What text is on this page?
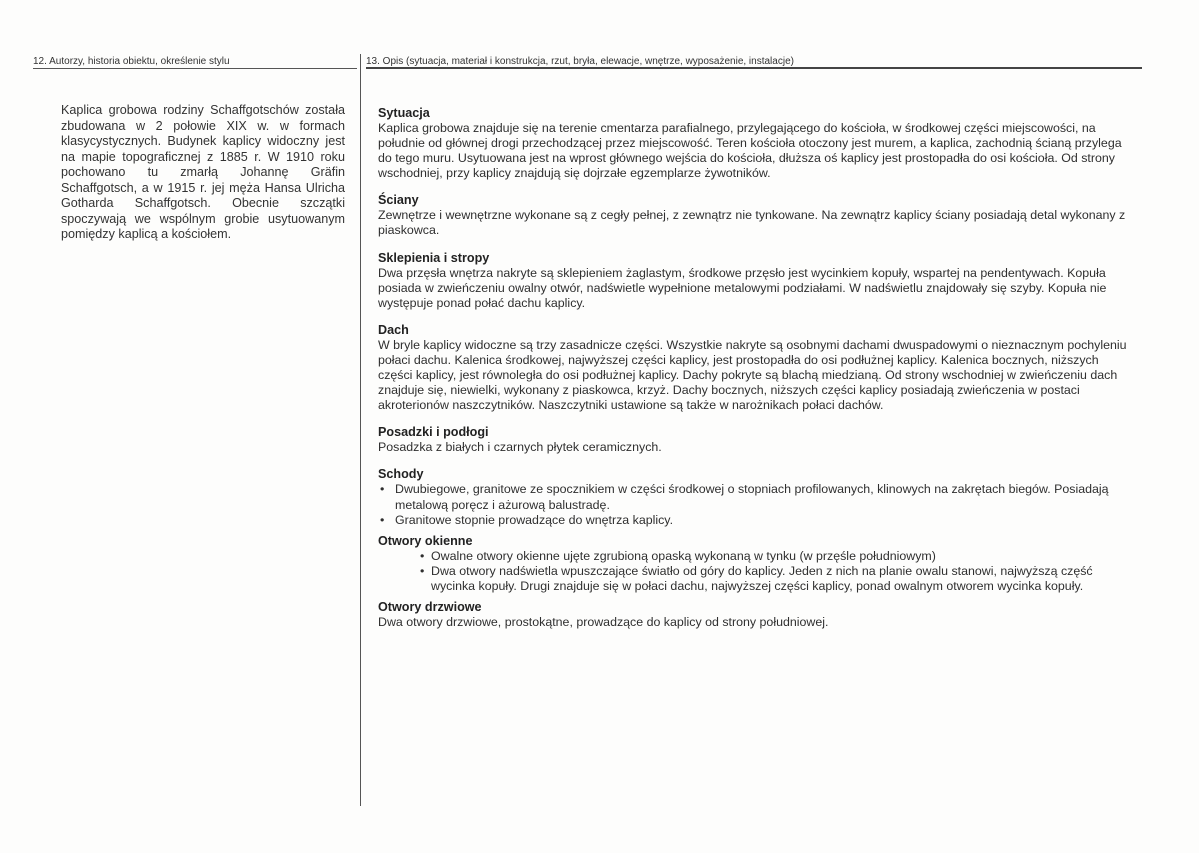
12. Autorzy, historia obiektu, określenie stylu	13. Opis (sytuacja, materiał i konstrukcja, rzut, bryła, elewacje, wnętrze, wyposażenie, instalacje)
Kaplica grobowa rodziny Schaffgotschów została zbudowana w 2 połowie XIX w. w formach klasycystycznych. Budynek kaplicy widoczny jest na mapie topograficznej z 1885 r. W 1910 roku pochowano tu zmarłą Johannę Gräfin Schaffgotsch, a w 1915 r. jej męża Hansa Ulricha Gotharda Schaffgotsch. Obecnie szczątki spoczywają we wspólnym grobie usytuowanym pomiędzy kaplicą a kościołem.
Sytuacja

Kaplica grobowa znajduje się na terenie cmentarza parafialnego, przylegającego do kościoła, w środkowej części miejscowości, na południe od głównej drogi przechodzącej przez miejscowość. Teren kościoła otoczony jest murem, a kaplica, zachodnią ścianą przylega do tego muru. Usytuowana jest na wprost głównego wejścia do kościoła, dłuższa oś kaplicy jest prostopadła do osi kościoła. Od strony wschodniej, przy kaplicy znajdują się dojrzałe egzemplarze żywotników.

Ściany

Zewnętrze i wewnętrzne wykonane są z cegły pełnej, z zewnątrz nie tynkowane. Na zewnątrz kaplicy ściany posiadają detal wykonany z piaskowca.

Sklepienia i stropy

Dwa przęsła wnętrza nakryte są sklepieniem żaglastym, środkowe przęsło jest wycinkiem kopuły, wspartej na pendentywach. Kopuła posiada w zwieńczeniu owalny otwór, nadświetle wypełnione metalowymi podziałami. W nadświetlu znajdowały się szyby. Kopuła nie występuje ponad połać dachu kaplicy.

Dach

W bryle kaplicy widoczne są trzy zasadnicze części. Wszystkie nakryte są osobnymi dachami dwuspadowymi o nieznacznym pochyleniu połaci dachu. Kalenica środkowej, najwyższej części kaplicy, jest prostopadła do osi podłużnej kaplicy. Kalenica bocznych, niższych części kaplicy, jest równoległa do osi podłużnej kaplicy. Dachy pokryte są blachą miedzianą. Od strony wschodniej w zwieńczeniu dach znajduje się, niewielki, wykonany z piaskowca, krzyż. Dachy bocznych, niższych części kaplicy posiadają zwieńczenia w postaci akroterionów naszczytników. Naszczytniki ustawione są także w narożnikach połaci dachów.

Posadzki i podłogi

Posadzka z białych i czarnych płytek ceramicznych.

Schody
• Dwubiegowe, granitowe ze spocznikiem w części środkowej o stopniach profilowanych, klinowych na zakrętach biegów. Posiadają metalową poręcz i ażurową balustradę.
• Granitowe stopnie prowadzące do wnętrza kaplicy.
Otwory okienne
• Owalne otwory okienne ujęte zgrubioną opaską wykonaną w tynku (w przęśle południowym)
• Dwa otwory nadświetla wpuszczające światło od góry do kaplicy. Jeden z nich na planie owalu stanowi, najwyższą część wycinka kopuły. Drugi znajduje się w połaci dachu, najwyższej części kaplicy, ponad owalnym otworem wycinka kopuły.
Otwory drzwiowe

Dwa otwory drzwiowe, prostokątne, prowadzące do kaplicy od strony południowej.
